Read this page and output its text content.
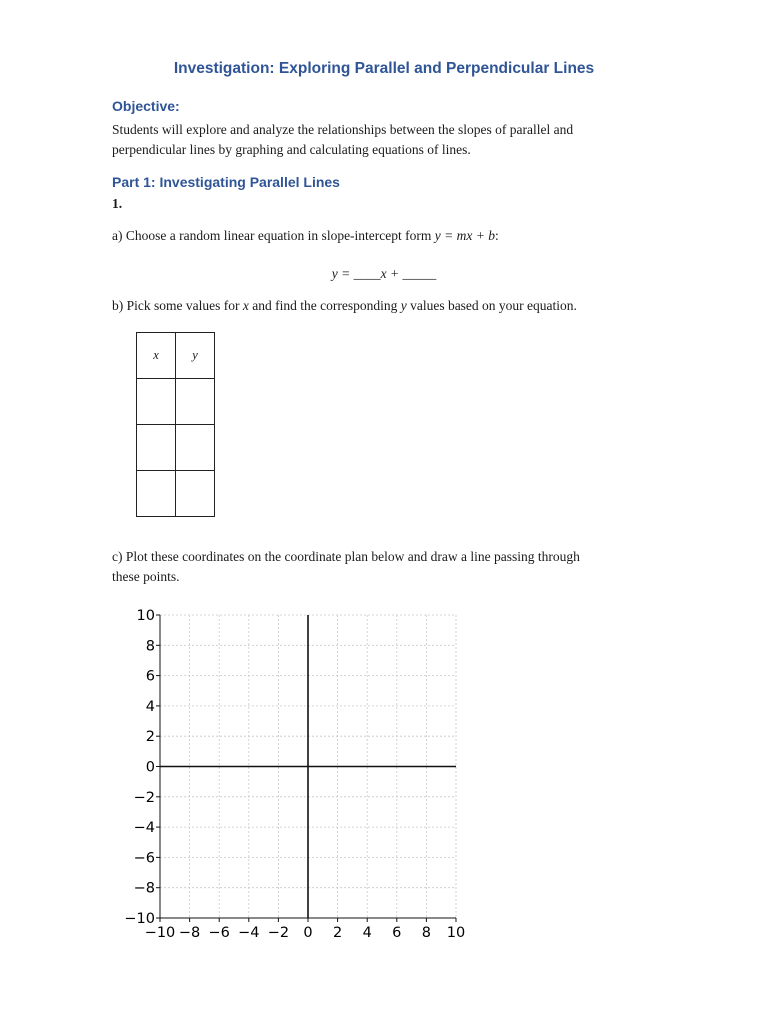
Investigation: Exploring Parallel and Perpendicular Lines
Objective:
Students will explore and analyze the relationships between the slopes of parallel and
perpendicular lines by graphing and calculating equations of lines.
Part 1: Investigating Parallel Lines
1.
a) Choose a random linear equation in slope-intercept form y = mx + b:
y = ____x + _____
b) Pick some values for x and find the corresponding y values based on your equation.
x	y

c) Plot these coordinates on the coordinate plan below and draw a line passing through
these points.
−10
−8
−6
−4
−2
0
2
4
6
8
10
−10 −8 −6 −4 −2 0 2 4 6 8 10
